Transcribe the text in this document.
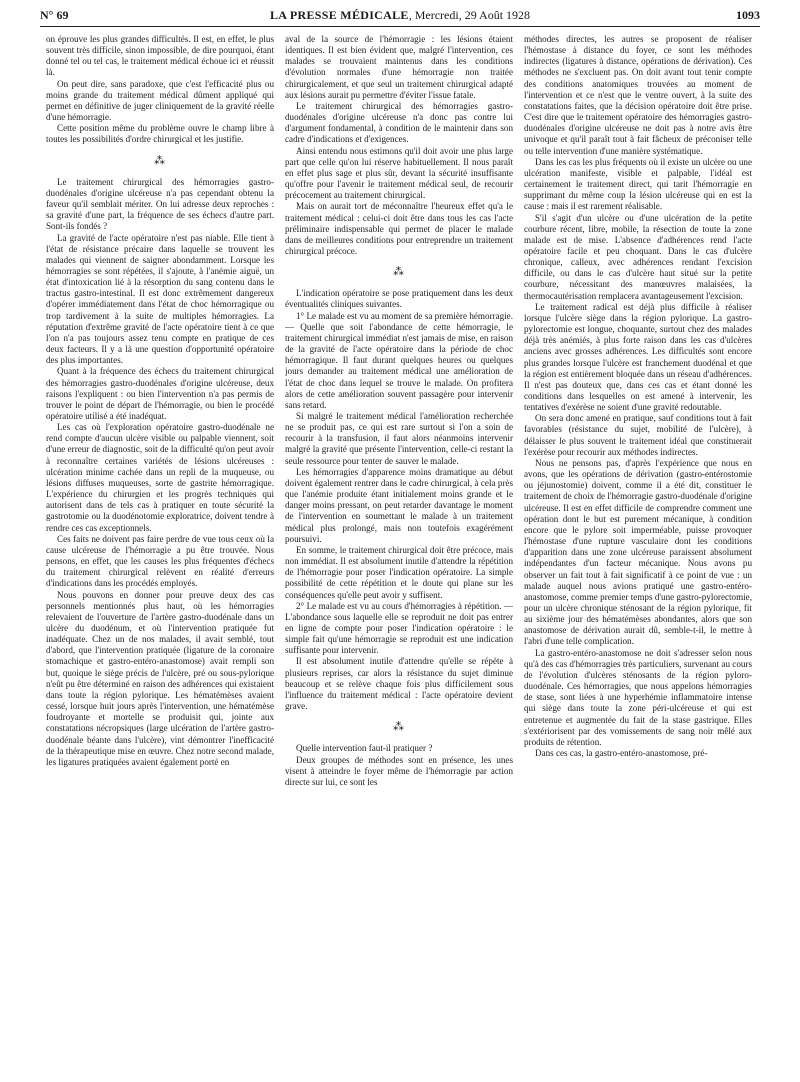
N° 69	LA PRESSE MÉDICALE, Mercredi, 29 Août 1928	1093

on éprouve les plus grandes difficultés. Il est, en effet, le plus souvent très difficile, sinon impossible, de dire pourquoi, étant donné tel ou tel cas, le traitement médical échoue ici et réussit là.

On peut dire, sans paradoxe, que c'est l'efficacité plus ou moins grande du traitement médical dûment appliqué qui permet en définitive de juger cliniquement de la gravité réelle d'une hémorragie.

Cette position même du problème ouvre le champ libre à toutes les possibilités d'ordre chirurgical et les justifie.

⁂

Le traitement chirurgical des hémorragies gastro-duodénales d'origine ulcéreuse n'a pas cependant obtenu la faveur qu'il semblait mériter. On lui adresse deux reproches : sa gravité d'une part, la fréquence de ses échecs d'autre part. Sont-ils fondés ?

La gravité de l'acte opératoire n'est pas niable. Elle tient à l'état de résistance précaire dans laquelle se trouvent les malades qui viennent de saigner abondamment. Lorsque les hémorragies se sont répétées, il s'ajoute, à l'anémie aiguë, un état d'intoxication lié à la résorption du sang contenu dans le tractus gastro-intestinal. Il est donc extrêmement dangereux d'opérer immédiatement dans l'état de choc hémorragique ou trop tardivement à la suite de multiples hémorragies. La réputation d'extrême gravité de l'acte opératoire tient à ce que l'on n'a pas toujours assez tenu compte en pratique de ces deux facteurs. Il y a là une question d'opportunité opératoire des plus importantes.

Quant à la fréquence des échecs du traitement chirurgical des hémorragies gastro-duodénales d'origine ulcéreuse, deux raisons l'expliquent : ou bien l'intervention n'a pas permis de trouver le point de départ de l'hémorragie, ou bien le procédé opératoire utilisé a été inadéquat.

Les cas où l'exploration opératoire gastro-duodénale ne rend compte d'aucun ulcère visible ou palpable viennent, soit d'une erreur de diagnostic, soit de la difficulté qu'on peut avoir à reconnaître certaines variétés de lésions ulcéreuses : ulcération minime cachée dans un repli de la muqueuse, ou lésions diffuses muqueuses, sorte de gastrite hémorragique. L'expérience du chirurgien et les progrès techniques qui autorisent dans de tels cas à pratiquer en toute sécurité la gastrotomie ou la duodénotomie exploratrice, doivent tendre à rendre ces cas exceptionnels.

Ces faits ne doivent pas faire perdre de vue tous ceux où la cause ulcéreuse de l'hémorragie a pu être trouvée. Nous pensons, en effet, que les causes les plus fréquentes d'échecs du traitement chirurgical relèvent en réalité d'erreurs d'indications dans les procédés employés.

Nous pouvons en donner pour preuve deux des cas personnels mentionnés plus haut, où les hémorragies relevaient de l'ouverture de l'artère gastro-duodénale dans un ulcère du duodénum, et où l'intervention pratiquée fut inadéquate. Chez un de nos malades, il avait semblé, tout d'abord, que l'intervention pratiquée (ligature de la coronaire stomachique et gastro-entéro-anastomose) avait rempli son but, quoique le siège précis de l'ulcère, pré ou sous-pylorique n'eût pu être déterminé en raison des adhérences qui existaient dans toute la région pylorique. Les hématémèses avaient cessé, lorsque huit jours après l'intervention, une hématémèse foudroyante et mortelle se produisit qui, jointe aux constatations nécropsiques (large ulcération de l'artère gastro-duodénale béante dans l'ulcère), vint démontrer l'inefficacité de la thérapeutique mise en œuvre. Chez notre second malade, les ligatures pratiquées avaient également porté en

aval de la source de l'hémorragie : les lésions étaient identiques. Il est bien évident que, malgré l'intervention, ces malades se trouvaient maintenus dans les conditions d'évolution normales d'une hémorragie non traitée chirurgicalement, et que seul un traitement chirurgical adapté aux lésions aurait pu permettre d'éviter l'issue fatale.

Le traitement chirurgical des hémorragies gastro-duodénales d'origine ulcéreuse n'a donc pas contre lui d'argument fondamental, à condition de le maintenir dans son cadre d'indications et d'exigences.

Ainsi entendu nous estimons qu'il doit avoir une plus large part que celle qu'on lui réserve habituellement. Il nous paraît en effet plus sage et plus sûr, devant la sécurité insuffisante qu'offre pour l'avenir le traitement médical seul, de recourir précocement au traitement chirurgical.

Mais on aurait tort de méconnaître l'heureux effet qu'a le traitement médical : celui-ci doit être dans tous les cas l'acte préliminaire indispensable qui permet de placer le malade dans de meilleures conditions pour entreprendre un traitement chirurgical précoce.

⁂

L'indication opératoire se pose pratiquement dans les deux éventualités cliniques suivantes.

1° Le malade est vu au moment de sa première hémorragie. — Quelle que soit l'abondance de cette hémorragie, le traitement chirurgical immédiat n'est jamais de mise, en raison de la gravité de l'acte opératoire dans la période de choc hémorragique. Il faut durant quelques heures ou quelques jours demander au traitement médical une amélioration de l'état de choc dans lequel se trouve le malade. On profitera alors de cette amélioration souvent passagère pour intervenir sans retard.

Si malgré le traitement médical l'amélioration recherchée ne se produit pas, ce qui est rare surtout si l'on a soin de recourir à la transfusion, il faut alors néanmoins intervenir malgré la gravité que présente l'intervention, celle-ci restant la seule ressource pour tenter de sauver le malade.

Les hémorragies d'apparence moins dramatique au début doivent également rentrer dans le cadre chirurgical, à cela près que l'anémie produite étant initialement moins grande et le danger moins pressant, on peut retarder davantage le moment de l'intervention en soumettant le malade à un traitement médical plus prolongé, mais non toutefois exagérément poursuivi.

En somme, le traitement chirurgical doit être précoce, mais non immédiat. Il est absolument inutile d'attendre la répétition de l'hémorragie pour poser l'indication opératoire. La simple possibilité de cette répétition et le doute qui plane sur les conséquences qu'elle peut avoir y suffisent.

2° Le malade est vu au cours d'hémorragies à répétition. — L'abondance sous laquelle elle se reproduit ne doit pas entrer en ligne de compte pour poser l'indication opératoire : le simple fait qu'une hémorragie se reproduit est une indication suffisante pour intervenir.

Il est absolument inutile d'attendre qu'elle se répète à plusieurs reprises, car alors la résistance du sujet diminue beaucoup et se relève chaque fois plus difficilement sous l'influence du traitement médical : l'acte opératoire devient grave.

⁂

Quelle intervention faut-il pratiquer ?

Deux groupes de méthodes sont en présence, les unes visent à atteindre le foyer même de l'hémorragie par action directe sur lui, ce sont les

méthodes directes, les autres se proposent de réaliser l'hémostase à distance du foyer, ce sont les méthodes indirectes (ligatures à distance, opérations de dérivation). Ces méthodes ne s'excluent pas. On doit avant tout tenir compte des conditions anatomiques trouvées au moment de l'intervention et ce n'est que le ventre ouvert, à la suite des constatations faites, que la décision opératoire doit être prise. C'est dire que le traitement opératoire des hémorragies gastro-duodénales d'origine ulcéreuse ne doit pas à notre avis être univoque et qu'il paraît tout à fait fâcheux de préconiser telle ou telle intervention d'une manière systématique.

Dans les cas les plus fréquents où il existe un ulcère ou une ulcération manifeste, visible et palpable, l'idéal est certainement le traitement direct, qui tarit l'hémorragie en supprimant du même coup la lésion ulcéreuse qui en est la cause : mais il est rarement réalisable.

S'il s'agit d'un ulcère ou d'une ulcération de la petite courbure récent, libre, mobile, la résection de toute la zone malade est de mise. L'absence d'adhérences rend l'acte opératoire facile et peu choquant. Dans le cas d'ulcère chronique, calleux, avec adhérences rendant l'excision difficile, ou dans le cas d'ulcère haut situé sur la petite courbure, nécessitant des manœuvres malaisées, la thermocautérisation remplacera avantageusement l'excision.

Le traitement radical est déjà plus difficile à réaliser lorsque l'ulcère siège dans la région pylorique. La gastro-pylorectomie est longue, choquante, surtout chez des malades déjà très anémiés, à plus forte raison dans les cas d'ulcères anciens avec grosses adhérences. Les difficultés sont encore plus grandes lorsque l'ulcère est franchement duodénal et que la région est entièrement bloquée dans un réseau d'adhérences. Il n'est pas douteux que, dans ces cas et étant donné les conditions dans lesquelles on est amené à intervenir, les tentatives d'exérèse ne soient d'une gravité redoutable.

On sera donc amené en pratique, sauf conditions tout à fait favorables (résistance du sujet, mobilité de l'ulcère), à délaisser le plus souvent le traitement idéal que constituerait l'exérèse pour recourir aux méthodes indirectes.

Nous ne pensons pas, d'après l'expérience que nous en avons, que les opérations de dérivation (gastro-entérostomie ou jéjunostomie) doivent, comme il a été dit, constituer le traitement de choix de l'hémorragie gastro-duodénale d'origine ulcéreuse. Il est en effet difficile de comprendre comment une opération dont le but est purement mécanique, à condition encore que le pylore soit imperméable, puisse provoquer l'hémostase d'une rupture vasculaire dont les conditions d'apparition dans une zone ulcéreuse paraissent absolument indépendantes d'un facteur mécanique. Nous avons pu observer un fait tout à fait significatif à ce point de vue : un malade auquel nous avions pratiqué une gastro-entéro-anastomose, comme premier temps d'une gastro-pylorectomie, pour un ulcère chronique sténosant de la région pylorique, fit au sixième jour des hématémèses abondantes, alors que son anastomose de dérivation aurait dû, semble-t-il, le mettre à l'abri d'une telle complication.

La gastro-entéro-anastomose ne doit s'adresser selon nous qu'à des cas d'hémorragies très particuliers, survenant au cours de l'évolution d'ulcères sténosants de la région pyloro-duodénale. Ces hémorragies, que nous appelons hémorragies de stase, sont liées à une hyperhémie inflammatoire intense qui siège dans toute la zone péri-ulcéreuse et qui est entretenue et augmentée du fait de la stase gastrique. Elles s'extériorisent par des vomissements de sang noir mêlé aux produits de rétention.

Dans ces cas, la gastro-entéro-anastomose, pré-
